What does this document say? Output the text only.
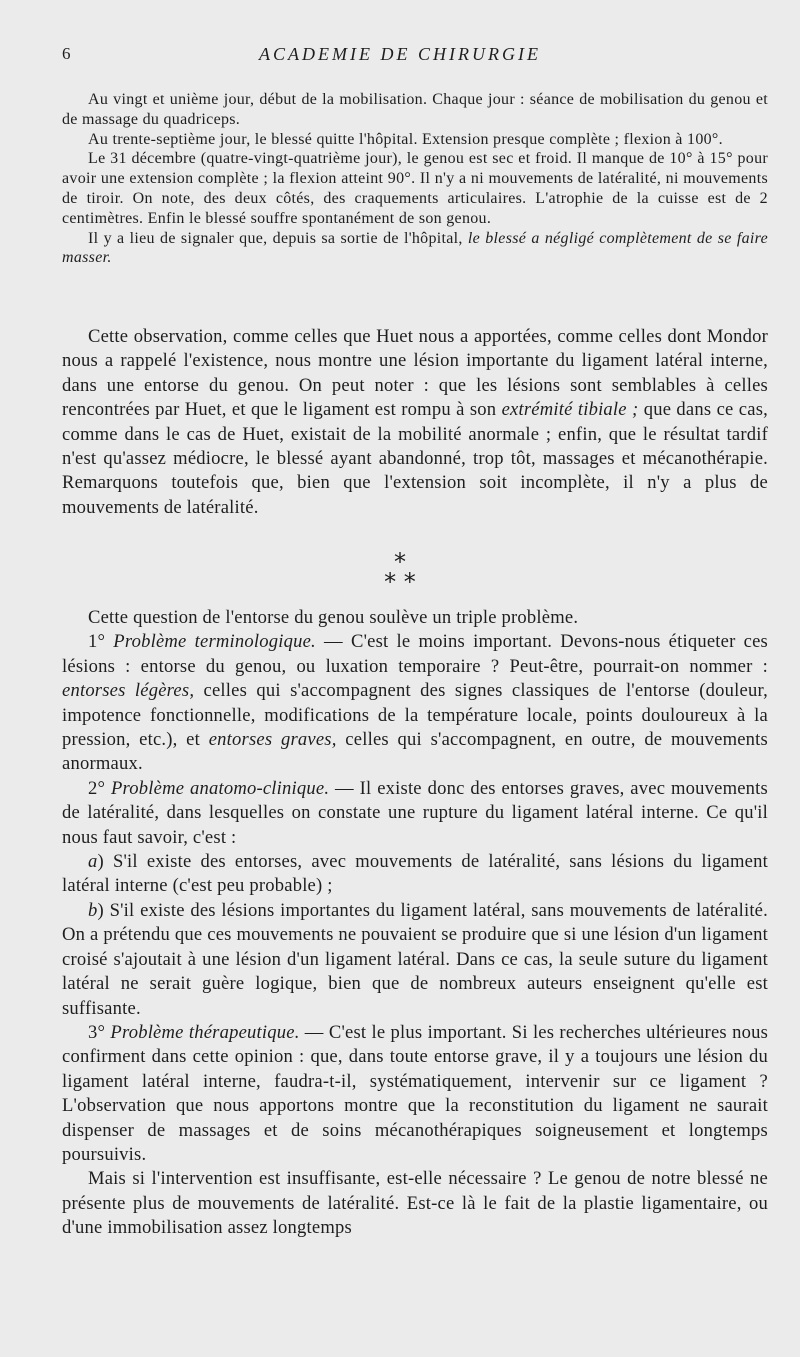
6	ACADEMIE DE CHIRURGIE

Au vingt et unième jour, début de la mobilisation. Chaque jour : séance de mobilisation du genou et de massage du quadriceps.

Au trente-septième jour, le blessé quitte l'hôpital. Extension presque complète ; flexion à 100°.

Le 31 décembre (quatre-vingt-quatrième jour), le genou est sec et froid. Il manque de 10° à 15° pour avoir une extension complète ; la flexion atteint 90°. Il n'y a ni mouvements de latéralité, ni mouvements de tiroir. On note, des deux côtés, des craquements articulaires. L'atrophie de la cuisse est de 2 centimètres. Enfin le blessé souffre spontanément de son genou.

Il y a lieu de signaler que, depuis sa sortie de l'hôpital, le blessé a négligé complètement de se faire masser.

Cette observation, comme celles que Huet nous a apportées, comme celles dont Mondor nous a rappelé l'existence, nous montre une lésion importante du ligament latéral interne, dans une entorse du genou. On peut noter : que les lésions sont semblables à celles rencontrées par Huet, et que le ligament est rompu à son extrémité tibiale ; que dans ce cas, comme dans le cas de Huet, existait de la mobilité anormale ; enfin, que le résultat tardif n'est qu'assez médiocre, le blessé ayant abandonné, trop tôt, massages et mécanothérapie. Remarquons toutefois que, bien que l'extension soit incomplète, il n'y a plus de mouvements de latéralité.

*
* *

Cette question de l'entorse du genou soulève un triple problème.

1° Problème terminologique. — C'est le moins important. Devons-nous étiqueter ces lésions : entorse du genou, ou luxation temporaire ? Peut-être, pourrait-on nommer : entorses légères, celles qui s'accompagnent des signes classiques de l'entorse (douleur, impotence fonctionnelle, modifications de la température locale, points douloureux à la pression, etc.), et entorses graves, celles qui s'accompagnent, en outre, de mouvements anormaux.

2° Problème anatomo-clinique. — Il existe donc des entorses graves, avec mouvements de latéralité, dans lesquelles on constate une rupture du ligament latéral interne. Ce qu'il nous faut savoir, c'est :

a) S'il existe des entorses, avec mouvements de latéralité, sans lésions du ligament latéral interne (c'est peu probable) ;

b) S'il existe des lésions importantes du ligament latéral, sans mouvements de latéralité. On a prétendu que ces mouvements ne pouvaient se produire que si une lésion d'un ligament croisé s'ajoutait à une lésion d'un ligament latéral. Dans ce cas, la seule suture du ligament latéral ne serait guère logique, bien que de nombreux auteurs enseignent qu'elle est suffisante.

3° Problème thérapeutique. — C'est le plus important. Si les recherches ultérieures nous confirment dans cette opinion : que, dans toute entorse grave, il y a toujours une lésion du ligament latéral interne, faudra-t-il, systématiquement, intervenir sur ce ligament ? L'observation que nous apportons montre que la reconstitution du ligament ne saurait dispenser de massages et de soins mécanothérapiques soigneusement et longtemps poursuivis.

Mais si l'intervention est insuffisante, est-elle nécessaire ? Le genou de notre blessé ne présente plus de mouvements de latéralité. Est-ce là le fait de la plastie ligamentaire, ou d'une immobilisation assez longtemps
